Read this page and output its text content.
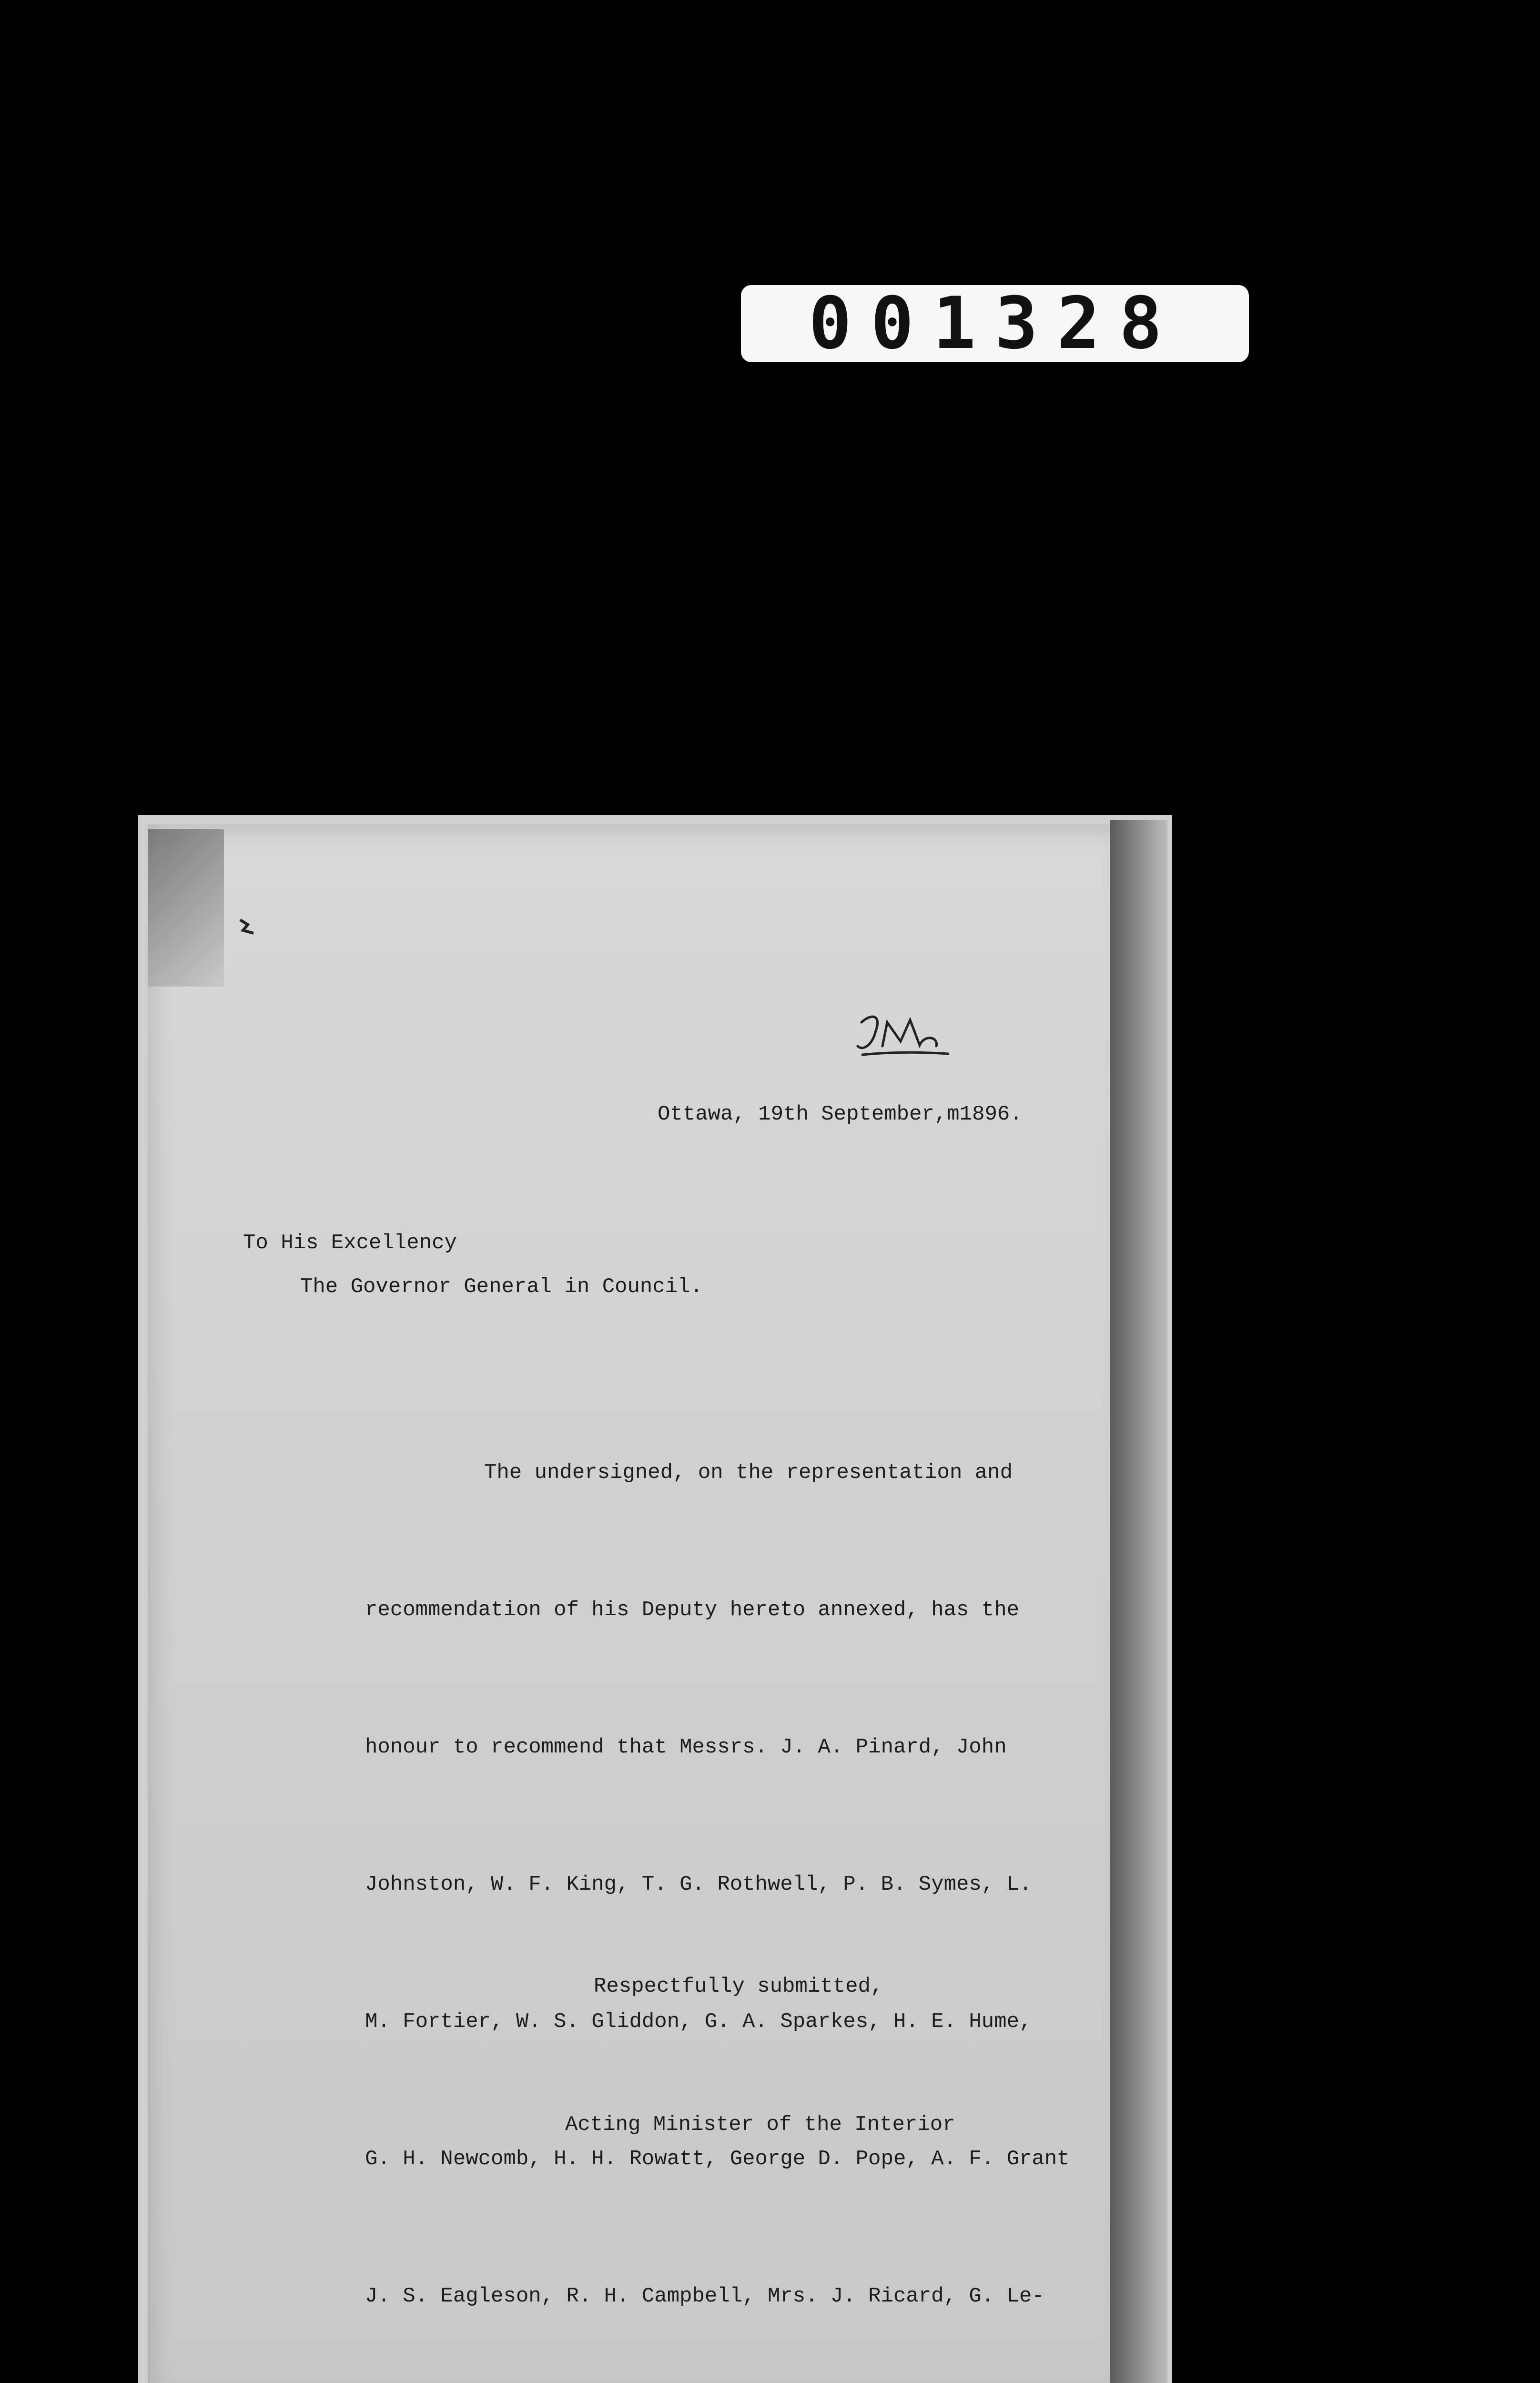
001328
Ottawa, 19th September,m1896.
To His Excellency
The Governor General in Council.

The undersigned, on the representation and

recommendation of his Deputy hereto annexed, has the

honour to recommend that Messrs. J. A. Pinard, John

Johnston, W. F. King, T. G. Rothwell, P. B. Symes, L.

M. Fortier, W. S. Gliddon, G. A. Sparkes, H. E. Hume,

G. H. Newcomb, H. H. Rowatt, George D. Pope, A. F. Grant

J. S. Eagleson, R. H. Campbell, Mrs. J. Ricard, G. Le-

Respectfully submitted,
Acting Minister of the Interior
